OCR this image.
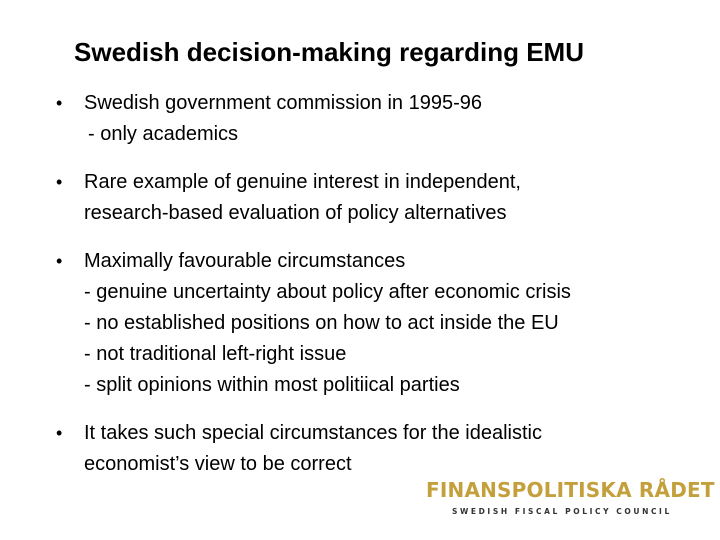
Swedish decision-making regarding EMU
• Swedish government commission in 1995-96
- only academics
• Rare example of genuine interest in independent,
research-based evaluation of policy alternatives
• Maximally favourable circumstances
- genuine uncertainty about policy after economic crisis
- no established positions on how to act inside the EU
- not traditional left-right issue
- split opinions within most politiical parties
• It takes such special circumstances for the idealistic
economist’s view to be correct
FINANSPOLITISKA RÅDET
SWEDISH FISCAL POLICY COUNCIL
